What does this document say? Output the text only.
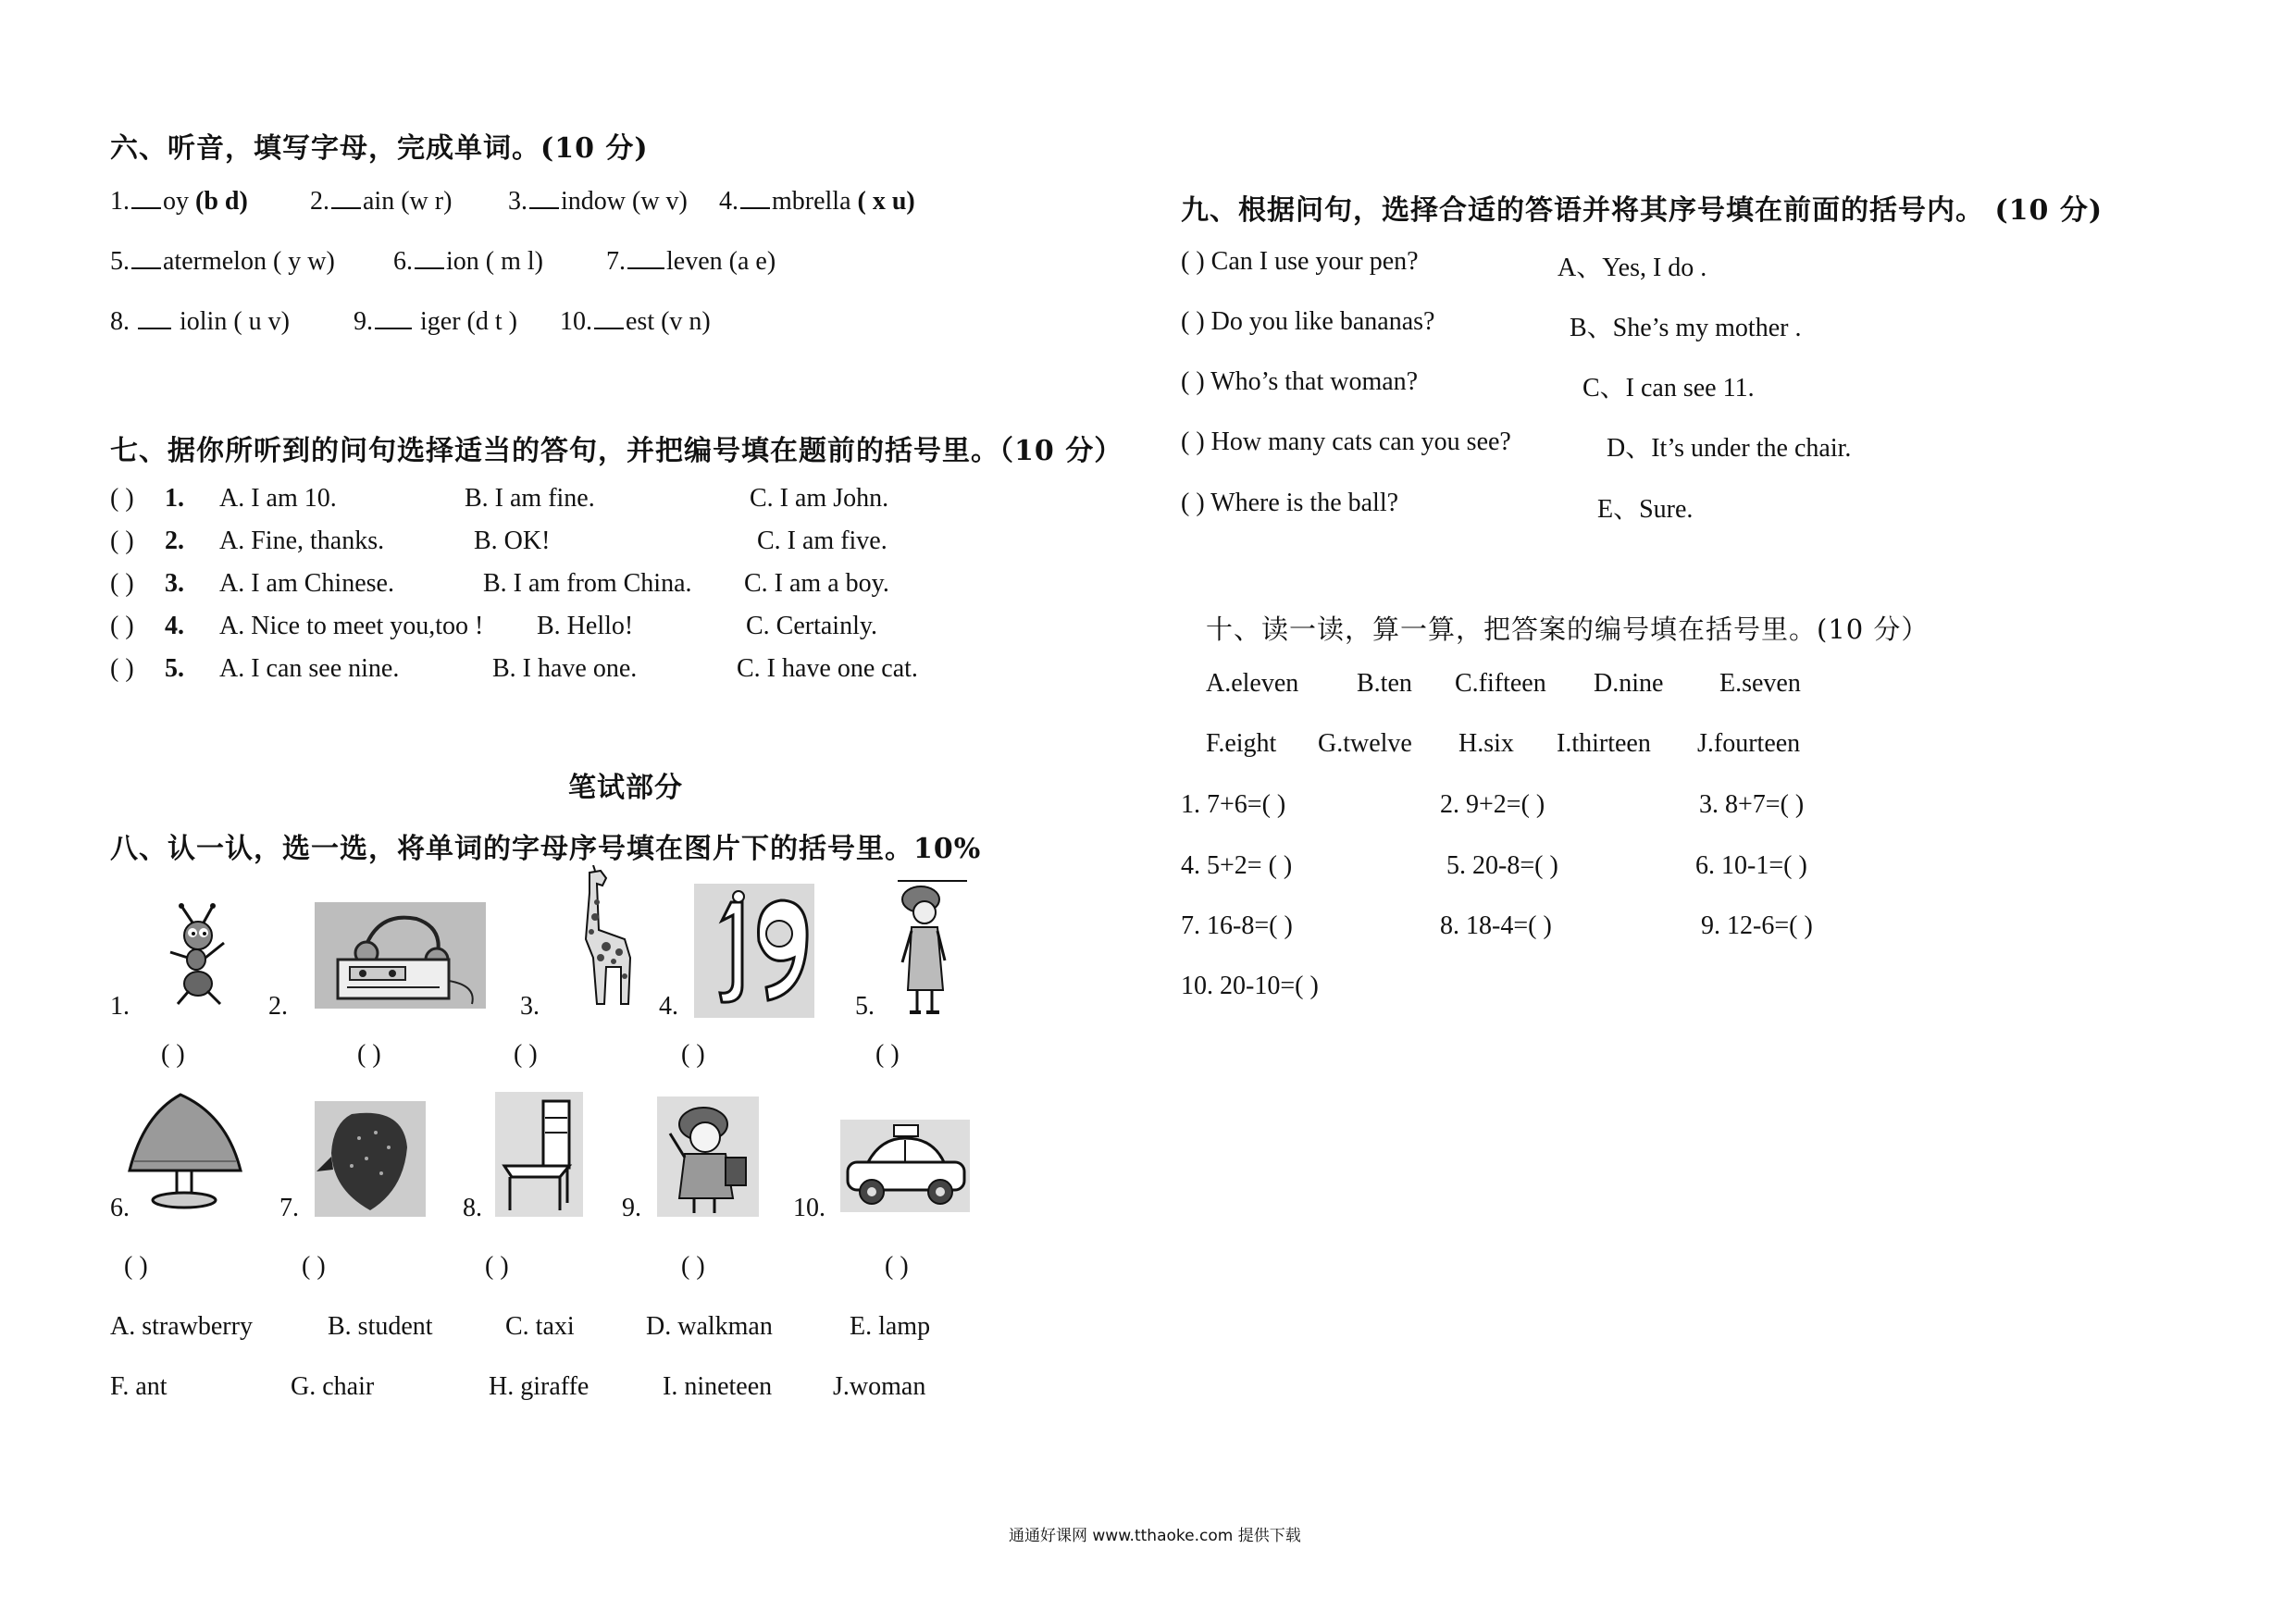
六、听音，填写字母，完成单词。(10 分)
1. oy (b d) 2. ain (w r) 3. indow (w v) 4. mbrella ( x u)
5. atermelon ( y w) 6. ion ( m l) 7. leven (a e)
8. iolin ( u v) 9. iger (d t ) 10. est (v n)
七、据你所听到的问句选择适当的答句，并把编号填在题前的括号里。（10 分）
( ) 1. A. I am 10.	B. I am fine.	C. I am John.
( ) 2. A. Fine, thanks.	B. OK!	C. I am five.
( ) 3. A. I am Chinese.	B. I am from China. C. I am a boy.
( ) 4. A. Nice to meet you,too ! B. Hello!	C. Certainly.
( ) 5. A. I can see nine.	B. I have one.	C. I have one cat.
笔试部分
八、认一认，选一选，将单词的字母序号填在图片下的括号里。10%
1.	2.	3.	4.	5.
( )	( )	( )	( )	( )
6.	7.	8.	9.	10.
( )	( )	( )	( )	( )
A. strawberry	B. student	C. taxi	D. walkman	E. lamp
F. ant	G. chair	H. giraffe	I. nineteen J.woman
九、根据问句，选择合适的答语并将其序号填在前面的括号内。 (10 分)
( ) Can I use your pen?	A、Yes, I do .
( ) Do you like bananas?	B、She’s my mother .
( ) Who’s that woman?	C、I can see 11.
( ) How many cats can you see?	D、It’s under the chair.
( ) Where is the ball?	E、Sure.
十、读一读，算一算，把答案的编号填在括号里。(10 分）
A.eleven B.ten C.fifteen D.nine E.seven
F.eight G.twelve H.six I.thirteen J.fourteen
1. 7+6=( )	2. 9+2=( )	3. 8+7=( )
4. 5+2= ( )	5. 20-8=( )	6. 10-1=( )
7. 16-8=( )	8. 18-4=( )	9. 12-6=( )
10. 20-10=( )
通通好课网 www.tthaoke.com 提供下载
